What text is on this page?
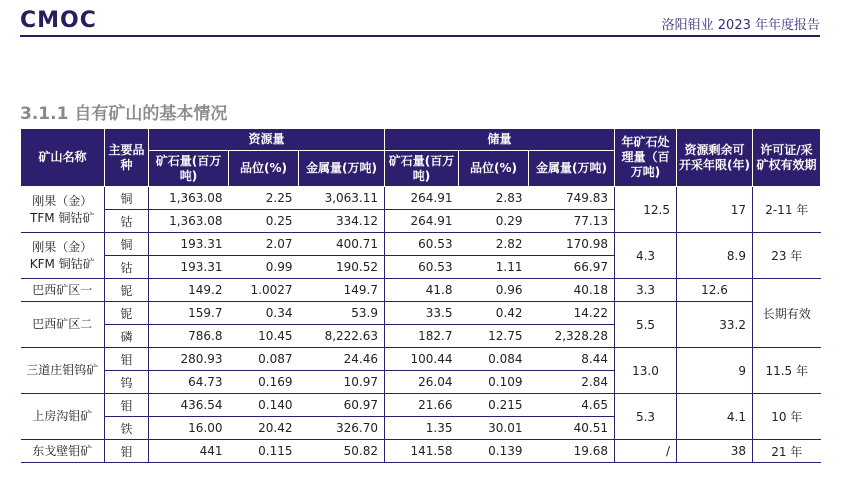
CMOC	洛阳钼业 2023 年年度报告
3.1.1 自有矿山的基本情况
矿山名称	主要品种	资源量			储量			年矿石处理量（百万吨)	资源剩余可开采年限(年)	许可证/采矿权有效期
		矿石量(百万吨)	品位(%)	金属量(万吨)	矿石量(百万吨)	品位(%)	金属量(万吨)			
刚果（金）TFM 铜钴矿	铜	1,363.08	2.25	3,063.11	264.91	2.83	749.83	12.5	17	2-11 年
	钴	1,363.08	0.25	334.12	264.91	0.29	77.13			
刚果（金）KFM 铜钴矿	铜	193.31	2.07	400.71	60.53	2.82	170.98	4.3	8.9	23 年
	钴	193.31	0.99	190.52	60.53	1.11	66.97			
巴西矿区一	铌	149.2	1.0027	149.7	41.8	0.96	40.18	3.3	12.6	长期有效
巴西矿区二	铌	159.7	0.34	53.9	33.5	0.42	14.22	5.5	33.2	
	磷	786.8	10.45	8,222.63	182.7	12.75	2,328.28			
三道庄钼钨矿	钼	280.93	0.087	24.46	100.44	0.084	8.44	13.0	9	11.5 年
	钨	64.73	0.169	10.97	26.04	0.109	2.84			
上房沟钼矿	钼	436.54	0.140	60.97	21.66	0.215	4.65	5.3	4.1	10 年
	铁	16.00	20.42	326.70	1.35	30.01	40.51			
东戈壁钼矿	钼	441	0.115	50.82	141.58	0.139	19.68	/	38	21 年
